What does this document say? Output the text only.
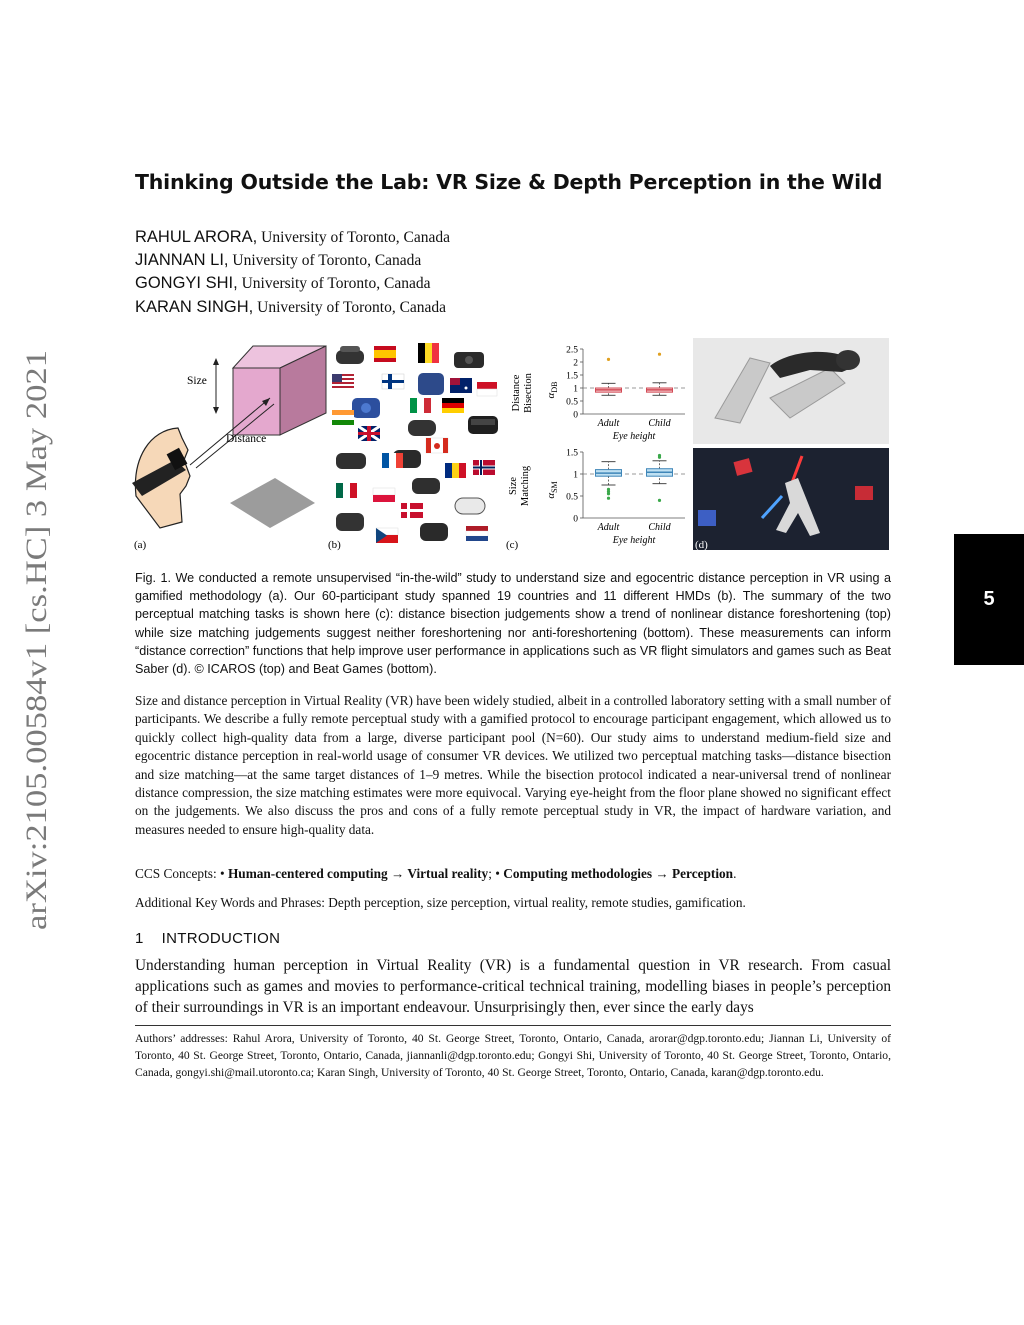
arXiv:2105.00584v1 [cs.HC] 3 May 2021	5
Thinking Outside the Lab: VR Size & Depth Perception in the Wild
RAHUL ARORA, University of Toronto, Canada
JIANNAN LI, University of Toronto, Canada
GONGYI SHI, University of Toronto, Canada
KARAN SINGH, University of Toronto, Canada
Size
Distance
(a)	(b)
Distance Bisection $\alpha_{DB}$
2.5
2
1.5
1
0.5
0
Adult	Child
Eye height
Size Matching $\alpha_{SM}$
1.5
1
0.5
0
Adult	Child
Eye height
(c)	(d)
Fig. 1. We conducted a remote unsupervised “in-the-wild” study to understand size and egocentric distance perception in VR using a gamified methodology (a). Our 60-participant study spanned 19 countries and 11 different HMDs (b). The summary of the two perceptual matching tasks is shown here (c): distance bisection judgements show a trend of nonlinear distance foreshortening (top) while size matching judgements suggest neither foreshortening nor anti-foreshortening (bottom). These measurements can inform “distance correction” functions that help improve user performance in applications such as VR flight simulators and games such as Beat Saber (d). © ICAROS (top) and Beat Games (bottom).
Size and distance perception in Virtual Reality (VR) have been widely studied, albeit in a controlled laboratory setting with a small number of participants. We describe a fully remote perceptual study with a gamified protocol to encourage participant engagement, which allowed us to quickly collect high-quality data from a large, diverse participant pool (N=60). Our study aims to understand medium-field size and egocentric distance perception in real-world usage of consumer VR devices. We utilized two perceptual matching tasks—distance bisection and size matching—at the same target distances of 1–9 metres. While the bisection protocol indicated a near-universal trend of nonlinear distance compression, the size matching estimates were more equivocal. Varying eye-height from the floor plane showed no significant effect on the judgements. We also discuss the pros and cons of a fully remote perceptual study in VR, the impact of hardware variation, and measures needed to ensure high-quality data.
CCS Concepts: • Human-centered computing → Virtual reality; • Computing methodologies → Perception.
Additional Key Words and Phrases: Depth perception, size perception, virtual reality, remote studies, gamification.
1 INTRODUCTION
Understanding human perception in Virtual Reality (VR) is a fundamental question in VR research. From casual applications such as games and movies to performance-critical technical training, modelling biases in people’s perception of their surroundings in VR is an important endeavour. Unsurprisingly then, ever since the early days
Authors’ addresses: Rahul Arora, University of Toronto, 40 St. George Street, Toronto, Ontario, Canada, arorar@dgp.toronto.edu; Jiannan Li, University of Toronto, 40 St. George Street, Toronto, Ontario, Canada, jiannanli@dgp.toronto.edu; Gongyi Shi, University of Toronto, 40 St. George Street, Toronto, Ontario, Canada, gongyi.shi@mail.utoronto.ca; Karan Singh, University of Toronto, 40 St. George Street, Toronto, Ontario, Canada, karan@dgp.toronto.edu.
